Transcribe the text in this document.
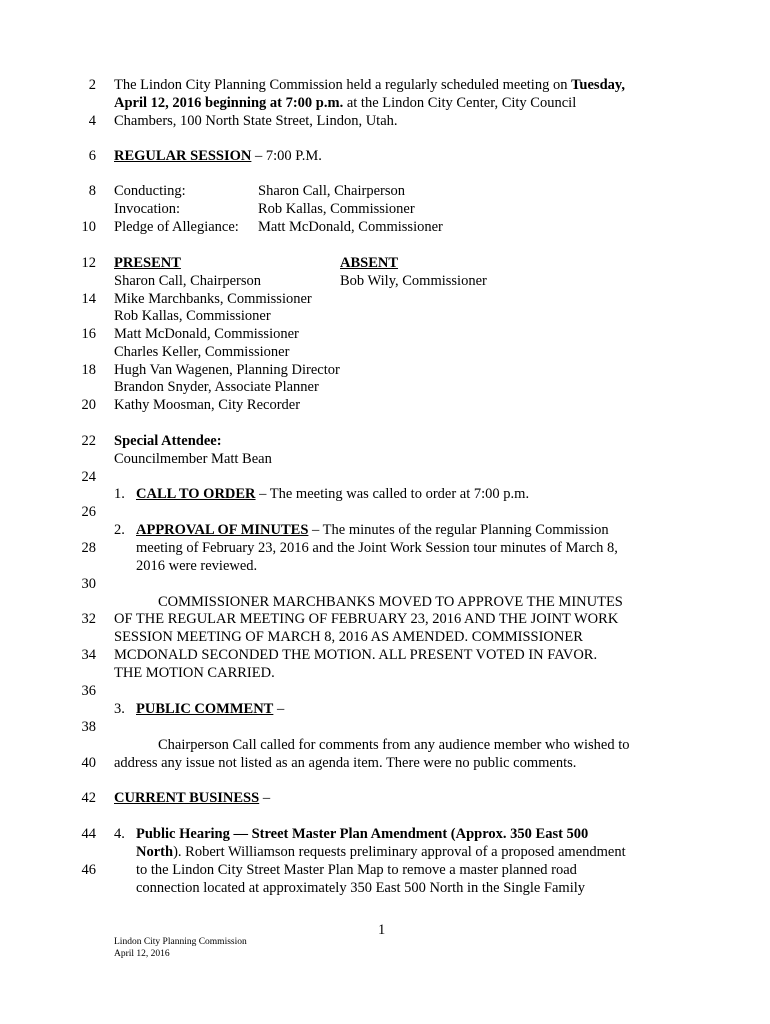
2
4
6
8
10
12
14
16
18
20
22
24
26
28
30
32
34
36
38
40
42
44
46
The Lindon City Planning Commission held a regularly scheduled meeting on Tuesday,
April 12, 2016 beginning at 7:00 p.m. at the Lindon City Center, City Council
Chambers, 100 North State Street, Lindon, Utah.
REGULAR SESSION – 7:00 P.M.
Conducting:	Sharon Call, Chairperson
Invocation:	Rob Kallas, Commissioner
Pledge of Allegiance: Matt McDonald, Commissioner
PRESENT	ABSENT
Sharon Call, Chairperson	Bob Wily, Commissioner
Mike Marchbanks, Commissioner
Rob Kallas, Commissioner
Matt McDonald, Commissioner
Charles Keller, Commissioner
Hugh Van Wagenen, Planning Director
Brandon Snyder, Associate Planner
Kathy Moosman, City Recorder
Special Attendee:
Councilmember Matt Bean
1. CALL TO ORDER – The meeting was called to order at 7:00 p.m.
2. APPROVAL OF MINUTES – The minutes of the regular Planning Commission
meeting of February 23, 2016 and the Joint Work Session tour minutes of March 8,
2016 were reviewed.
COMMISSIONER MARCHBANKS MOVED TO APPROVE THE MINUTES
OF THE REGULAR MEETING OF FEBRUARY 23, 2016 AND THE JOINT WORK
SESSION MEETING OF MARCH 8, 2016 AS AMENDED. COMMISSIONER
MCDONALD SECONDED THE MOTION. ALL PRESENT VOTED IN FAVOR.
THE MOTION CARRIED.
3. PUBLIC COMMENT –
Chairperson Call called for comments from any audience member who wished to
address any issue not listed as an agenda item. There were no public comments.
CURRENT BUSINESS –
4. Public Hearing — Street Master Plan Amendment (Approx. 350 East 500
North). Robert Williamson requests preliminary approval of a proposed amendment
to the Lindon City Street Master Plan Map to remove a master planned road
connection located at approximately 350 East 500 North in the Single Family
1
Lindon City Planning Commission
April 12, 2016
